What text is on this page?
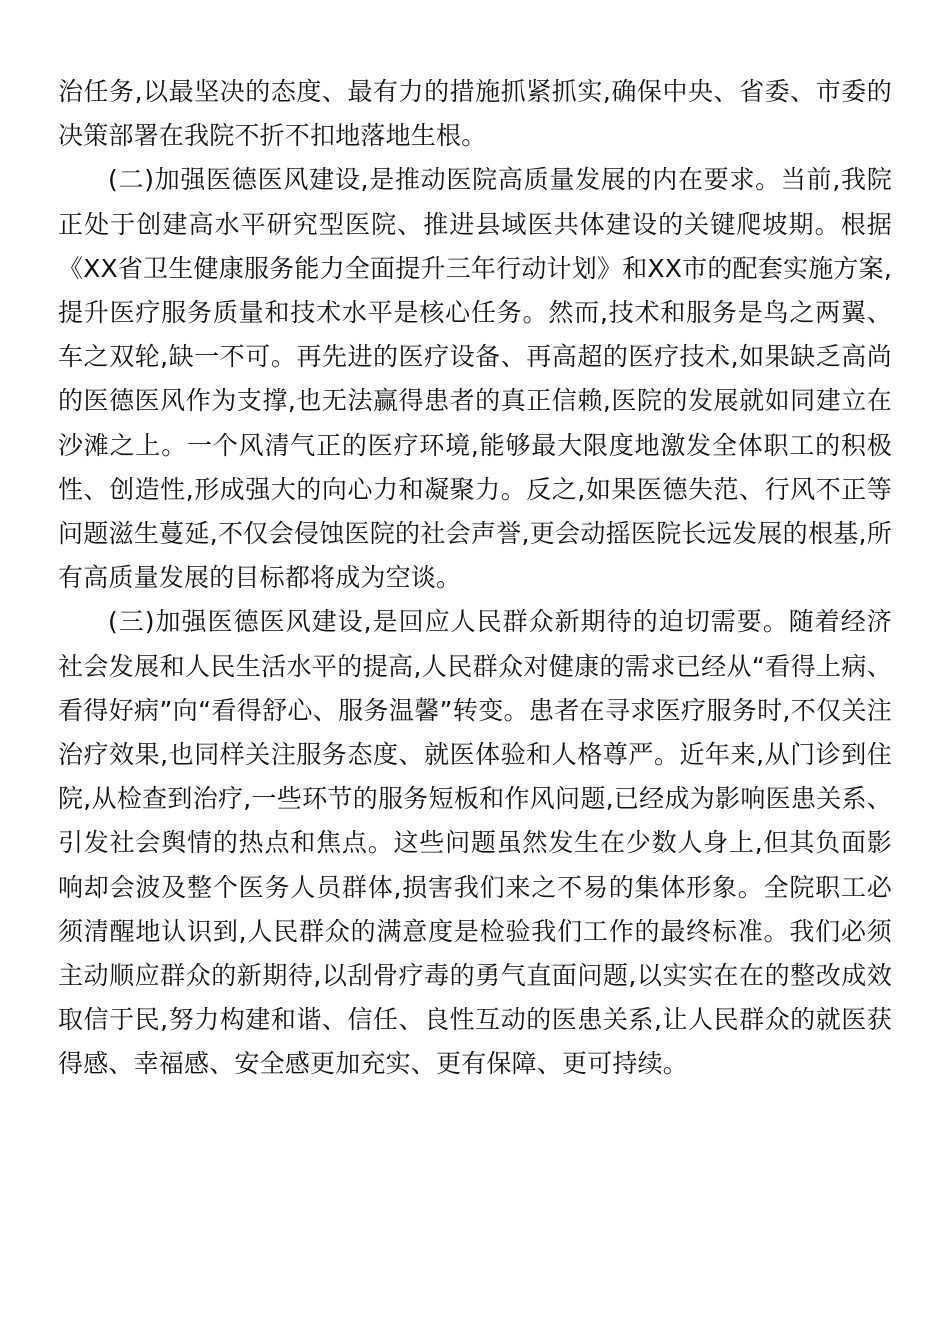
治任务,以最坚决的态度、最有力的措施抓紧抓实,确保中央、省委、市委的决策部署在我院不折不扣地落地生根。

(二)加强医德医风建设,是推动医院高质量发展的内在要求。当前,我院正处于创建高水平研究型医院、推进县域医共体建设的关键爬坡期。根据《XX省卫生健康服务能力全面提升三年行动计划》和XX市的配套实施方案,提升医疗服务质量和技术水平是核心任务。然而,技术和服务是鸟之两翼、车之双轮,缺一不可。再先进的医疗设备、再高超的医疗技术,如果缺乏高尚的医德医风作为支撑,也无法赢得患者的真正信赖,医院的发展就如同建立在沙滩之上。一个风清气正的医疗环境,能够最大限度地激发全体职工的积极性、创造性,形成强大的向心力和凝聚力。反之,如果医德失范、行风不正等问题滋生蔓延,不仅会侵蚀医院的社会声誉,更会动摇医院长远发展的根基,所有高质量发展的目标都将成为空谈。

(三)加强医德医风建设,是回应人民群众新期待的迫切需要。随着经济社会发展和人民生活水平的提高,人民群众对健康的需求已经从“看得上病、看得好病”向“看得舒心、服务温馨”转变。患者在寻求医疗服务时,不仅关注治疗效果,也同样关注服务态度、就医体验和人格尊严。近年来,从门诊到住院,从检查到治疗,一些环节的服务短板和作风问题,已经成为影响医患关系、引发社会舆情的热点和焦点。这些问题虽然发生在少数人身上,但其负面影响却会波及整个医务人员群体,损害我们来之不易的集体形象。全院职工必须清醒地认识到,人民群众的满意度是检验我们工作的最终标准。我们必须主动顺应群众的新期待,以刮骨疗毒的勇气直面问题,以实实在在的整改成效取信于民,努力构建和谐、信任、良性互动的医患关系,让人民群众的就医获得感、幸福感、安全感更加充实、更有保障、更可持续。
